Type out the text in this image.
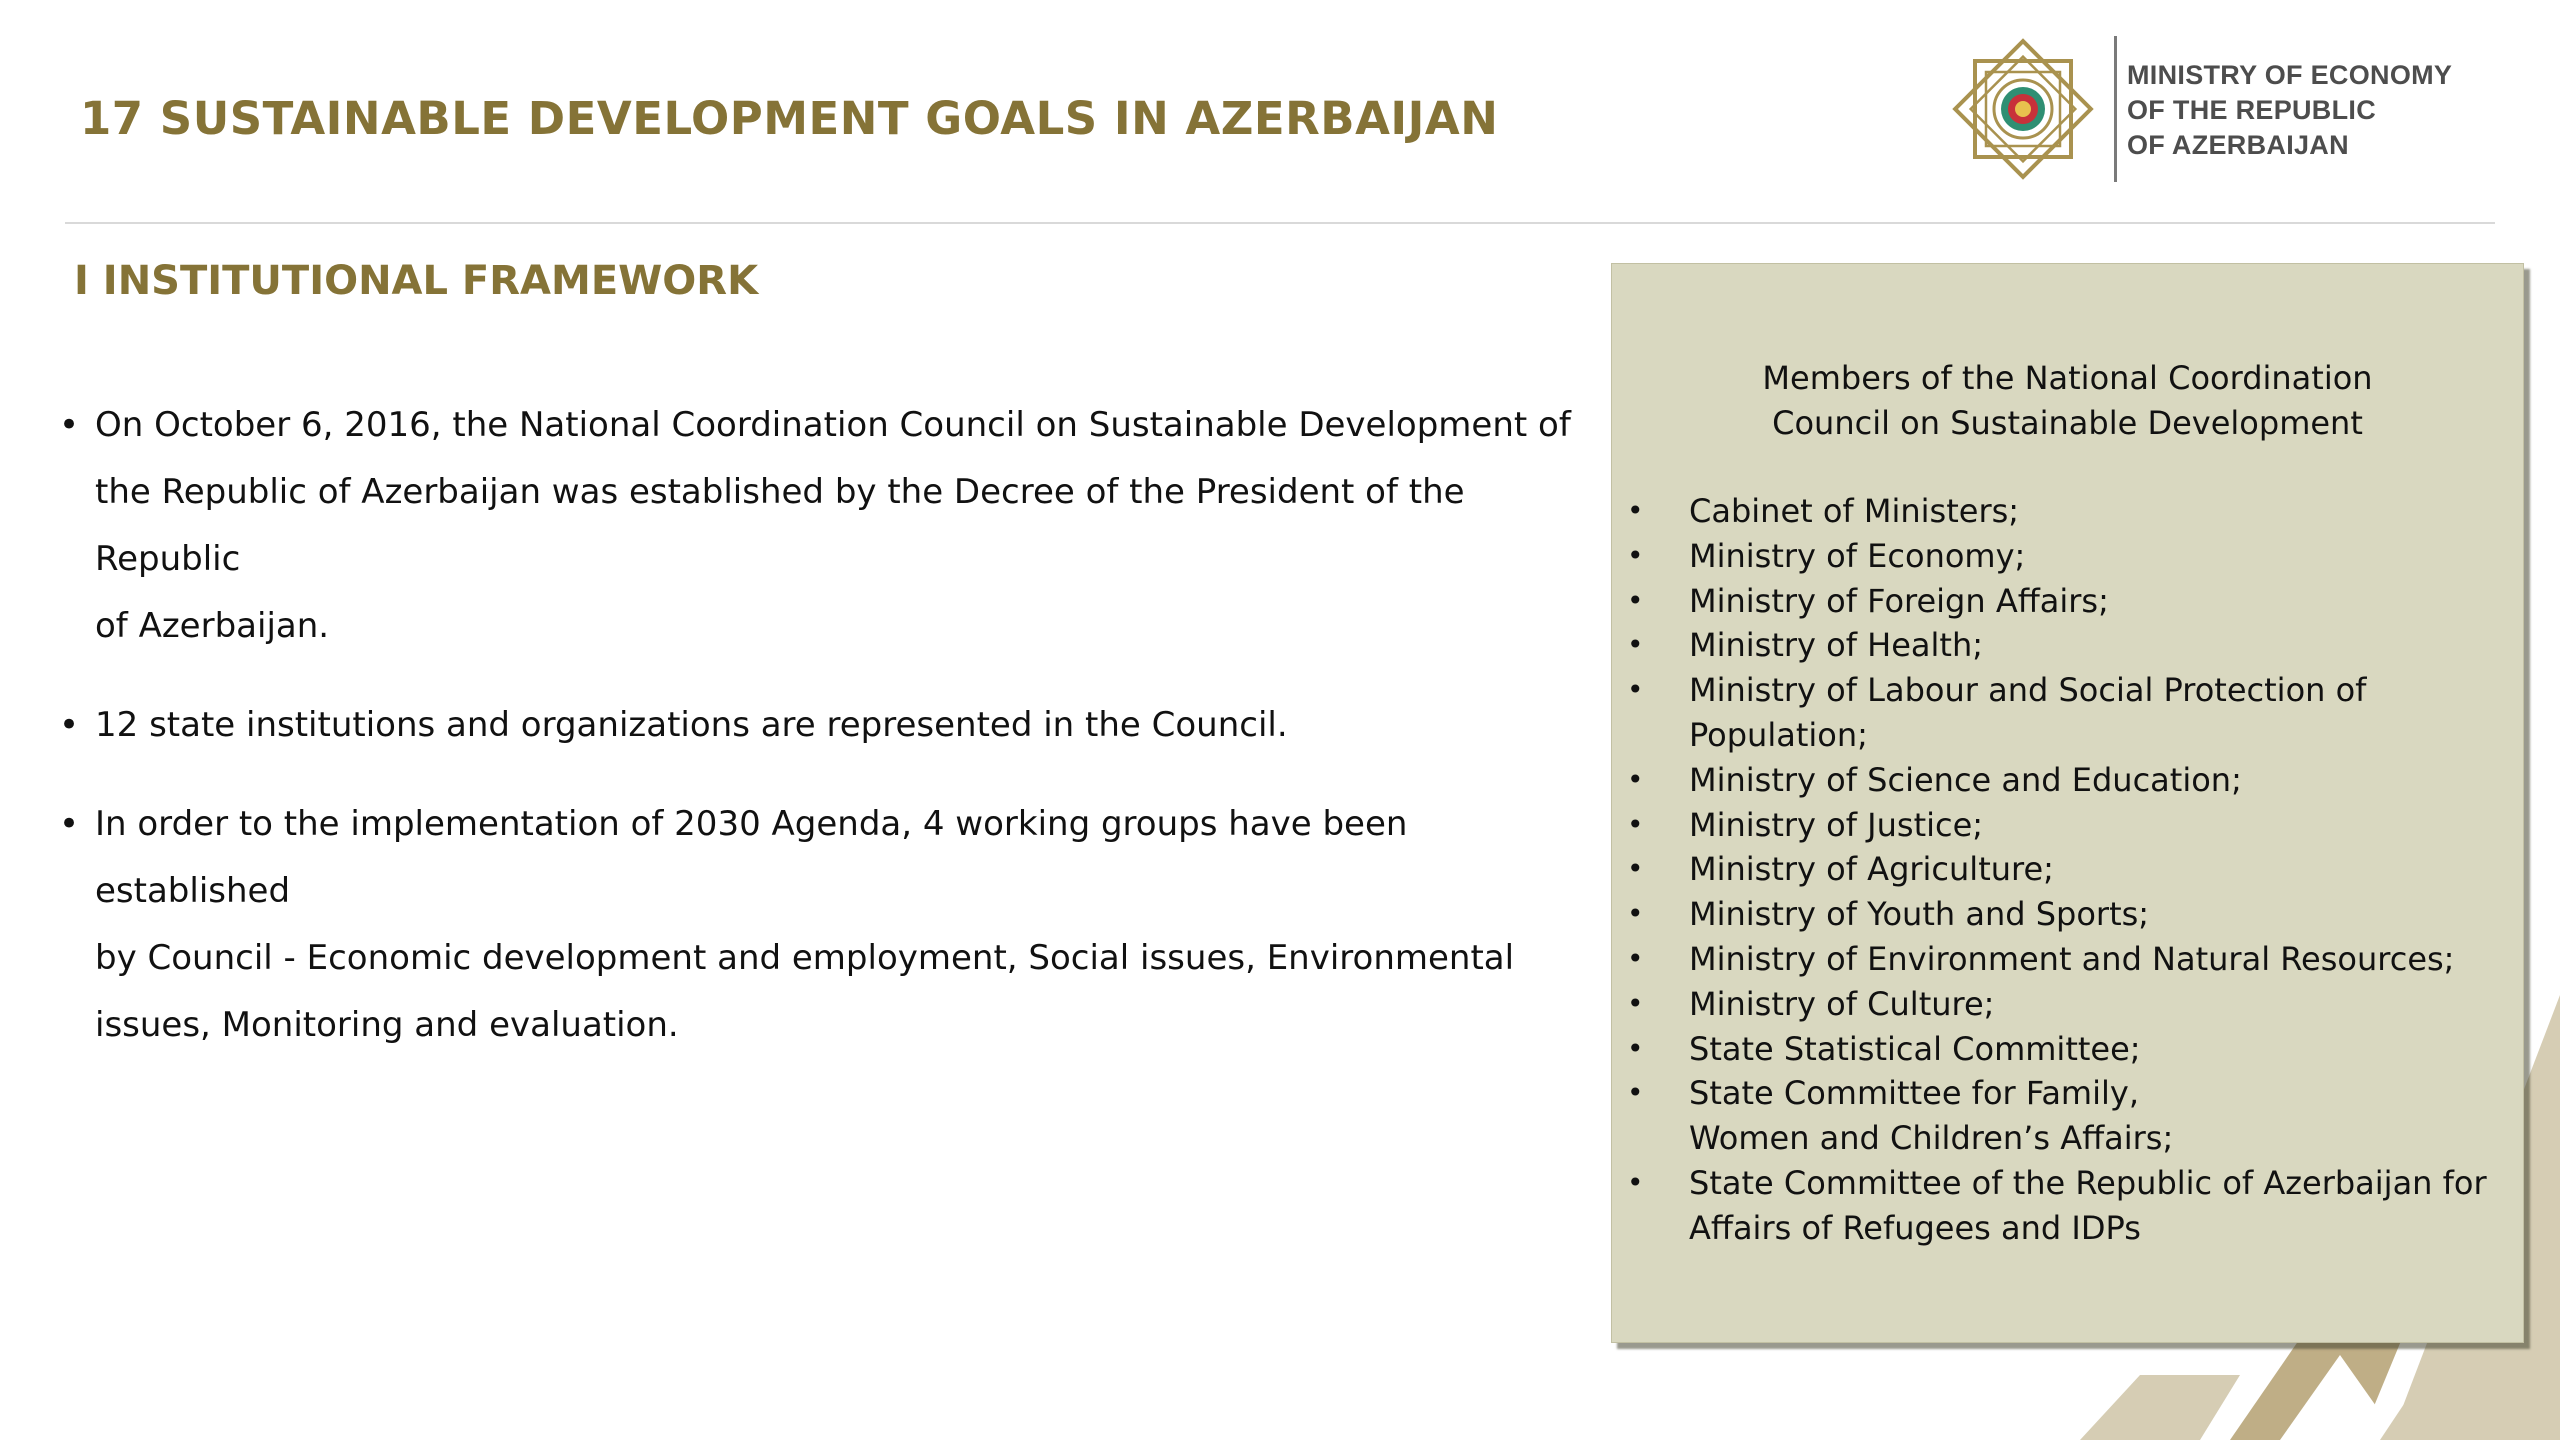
17 SUSTAINABLE DEVELOPMENT GOALS IN AZERBAIJAN
MINISTRY OF ECONOMY
OF THE REPUBLIC
OF AZERBAIJAN
I INSTITUTIONAL FRAMEWORK
• On October 6, 2016, the National Coordination Council on Sustainable Development of
the Republic of Azerbaijan was established by the Decree of the President of the Republic
of Azerbaijan.
• 12 state institutions and organizations are represented in the Council.
• In order to the implementation of 2030 Agenda, 4 working groups have been established
by Council - Economic development and employment, Social issues, Environmental
issues, Monitoring and evaluation.
Members of the National Coordination
Council on Sustainable Development
• Cabinet of Ministers;
• Ministry of Economy;
• Ministry of Foreign Affairs;
• Ministry of Health;
• Ministry of Labour and Social Protection of
Population;
• Ministry of Science and Education;
• Ministry of Justice;
• Ministry of Agriculture;
• Ministry of Youth and Sports;
• Ministry of Environment and Natural Resources;
• Ministry of Culture;
• State Statistical Committee;
• State Committee for Family,
Women and Children’s Affairs;
• State Committee of the Republic of Azerbaijan for
Affairs of Refugees and IDPs
